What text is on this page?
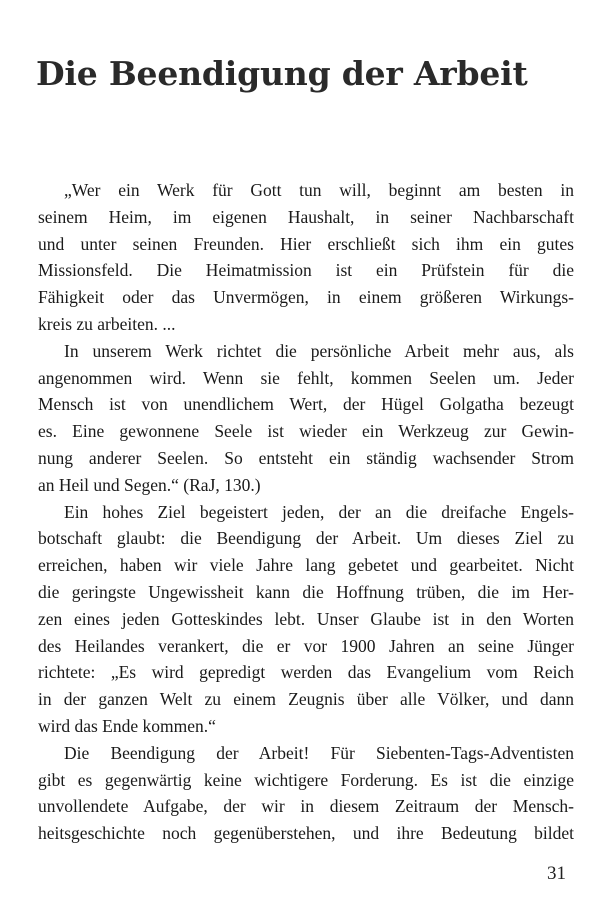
Die Beendigung der Arbeit
„Wer ein Werk für Gott tun will, beginnt am besten in
seinem Heim, im eigenen Haushalt, in seiner Nachbarschaft
und unter seinen Freunden. Hier erschließt sich ihm ein gutes
Missionsfeld. Die Heimatmission ist ein Prüfstein für die
Fähigkeit oder das Unvermögen, in einem größeren Wirkungs-
kreis zu arbeiten. ...
In unserem Werk richtet die persönliche Arbeit mehr aus, als
angenommen wird. Wenn sie fehlt, kommen Seelen um. Jeder
Mensch ist von unendlichem Wert, der Hügel Golgatha bezeugt
es. Eine gewonnene Seele ist wieder ein Werkzeug zur Gewin-
nung anderer Seelen. So entsteht ein ständig wachsender Strom
an Heil und Segen.“ (RaJ, 130.)
Ein hohes Ziel begeistert jeden, der an die dreifache Engels-
botschaft glaubt: die Beendigung der Arbeit. Um dieses Ziel zu
erreichen, haben wir viele Jahre lang gebetet und gearbeitet. Nicht
die geringste Ungewissheit kann die Hoffnung trüben, die im Her-
zen eines jeden Gotteskindes lebt. Unser Glaube ist in den Worten
des Heilandes verankert, die er vor 1900 Jahren an seine Jünger
richtete: „Es wird gepredigt werden das Evangelium vom Reich
in der ganzen Welt zu einem Zeugnis über alle Völker, und dann
wird das Ende kommen.“
Die Beendigung der Arbeit! Für Siebenten-Tags-Adventisten
gibt es gegenwärtig keine wichtigere Forderung. Es ist die einzige
unvollendete Aufgabe, der wir in diesem Zeitraum der Mensch-
heitsgeschichte noch gegenüberstehen, und ihre Bedeutung bildet
31
